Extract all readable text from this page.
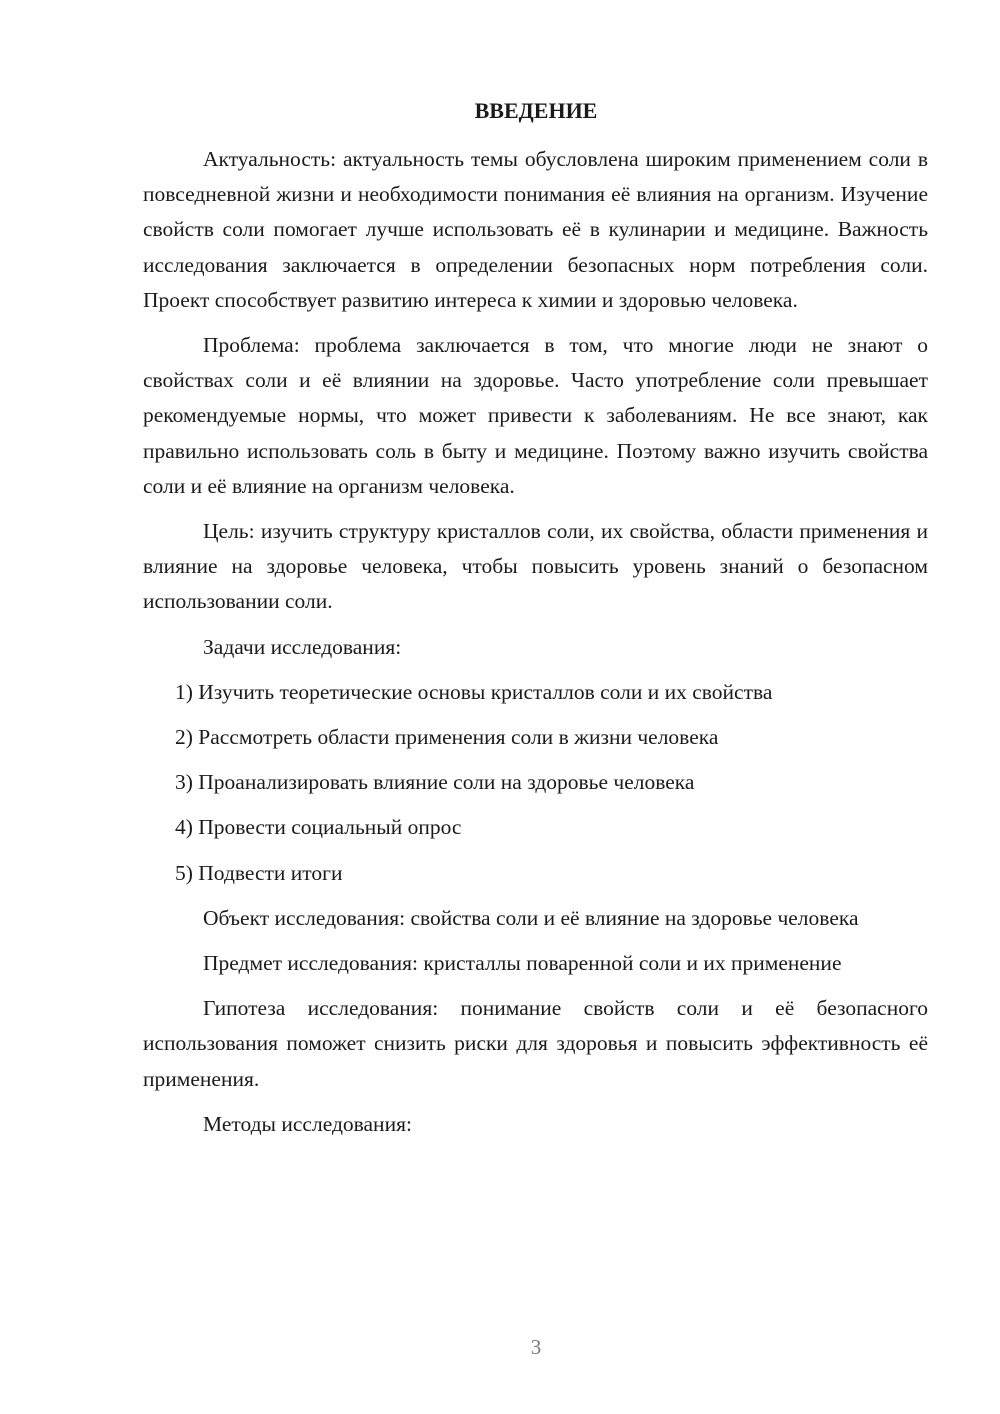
ВВЕДЕНИЕ

Актуальность: актуальность темы обусловлена широким применением соли в повседневной жизни и необходимости понимания её влияния на организм. Изучение свойств соли помогает лучше использовать её в кулинарии и медицине. Важность исследования заключается в определении безопасных норм потребления соли. Проект способствует развитию интереса к химии и здоровью человека.

Проблема: проблема заключается в том, что многие люди не знают о свойствах соли и её влиянии на здоровье. Часто употребление соли превышает рекомендуемые нормы, что может привести к заболеваниям. Не все знают, как правильно использовать соль в быту и медицине. Поэтому важно изучить свойства соли и её влияние на организм человека.

Цель: изучить структуру кристаллов соли, их свойства, области применения и влияние на здоровье человека, чтобы повысить уровень знаний о безопасном использовании соли.

Задачи исследования:

1) Изучить теоретические основы кристаллов соли и их свойства

2) Рассмотреть области применения соли в жизни человека

3) Проанализировать влияние соли на здоровье человека

4) Провести социальный опрос

5) Подвести итоги

Объект исследования: свойства соли и её влияние на здоровье человека

Предмет исследования: кристаллы поваренной соли и их применение

Гипотеза исследования: понимание свойств соли и её безопасного использования поможет снизить риски для здоровья и повысить эффективность её применения.

Методы исследования:

3
